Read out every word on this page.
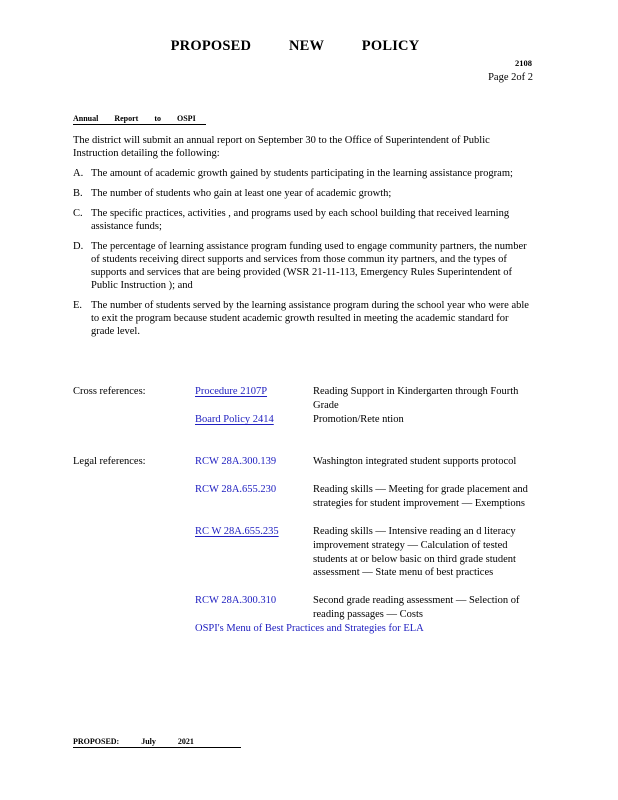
PROPOSED NEW POLICY
2108
Page 2of 2
Annual Report to OSPI
The district will submit an annual report on September 30 to the Office of Superintendent of Public Instruction detailing the following:
A. The amount of academic growth gained by students participating in the learning assistance program;
B. The number of students who gain at least one year of academic growth;
C. The specific practices, activities , and programs used by each school building that received learning assistance funds;
D. The percentage of learning assistance program funding used to engage community partners, the number of students receiving direct supports and services from those commun ity partners, and the types of supports and services that are being provided (WSR 21-11-113, Emergency Rules Superintendent of Public Instruction ); and
E. The number of students served by the learning assistance program during the school year who were able to exit the program because student academic growth resulted in meeting the academic standard for grade level.
Cross references:	Procedure 2107P	Reading Support in Kindergarten through Fourth Grade
Board Policy 2414	Promotion/Rete ntion
Legal references:	RCW 28A.300.139	Washington integrated student supports protocol
RCW 28A.655.230	Reading skills — Meeting for grade placement and strategies for student improvement — Exemptions
RC W 28A.655.235	Reading skills — Intensive reading an d literacy improvement strategy — Calculation of tested students at or below basic on third grade student assessment — State menu of best practices
RCW 28A.300.310	Second grade reading assessment — Selection of reading passages — Costs
OSPI's Menu of Best Practices and Strategies for ELA
PROPOSED: July 2021
